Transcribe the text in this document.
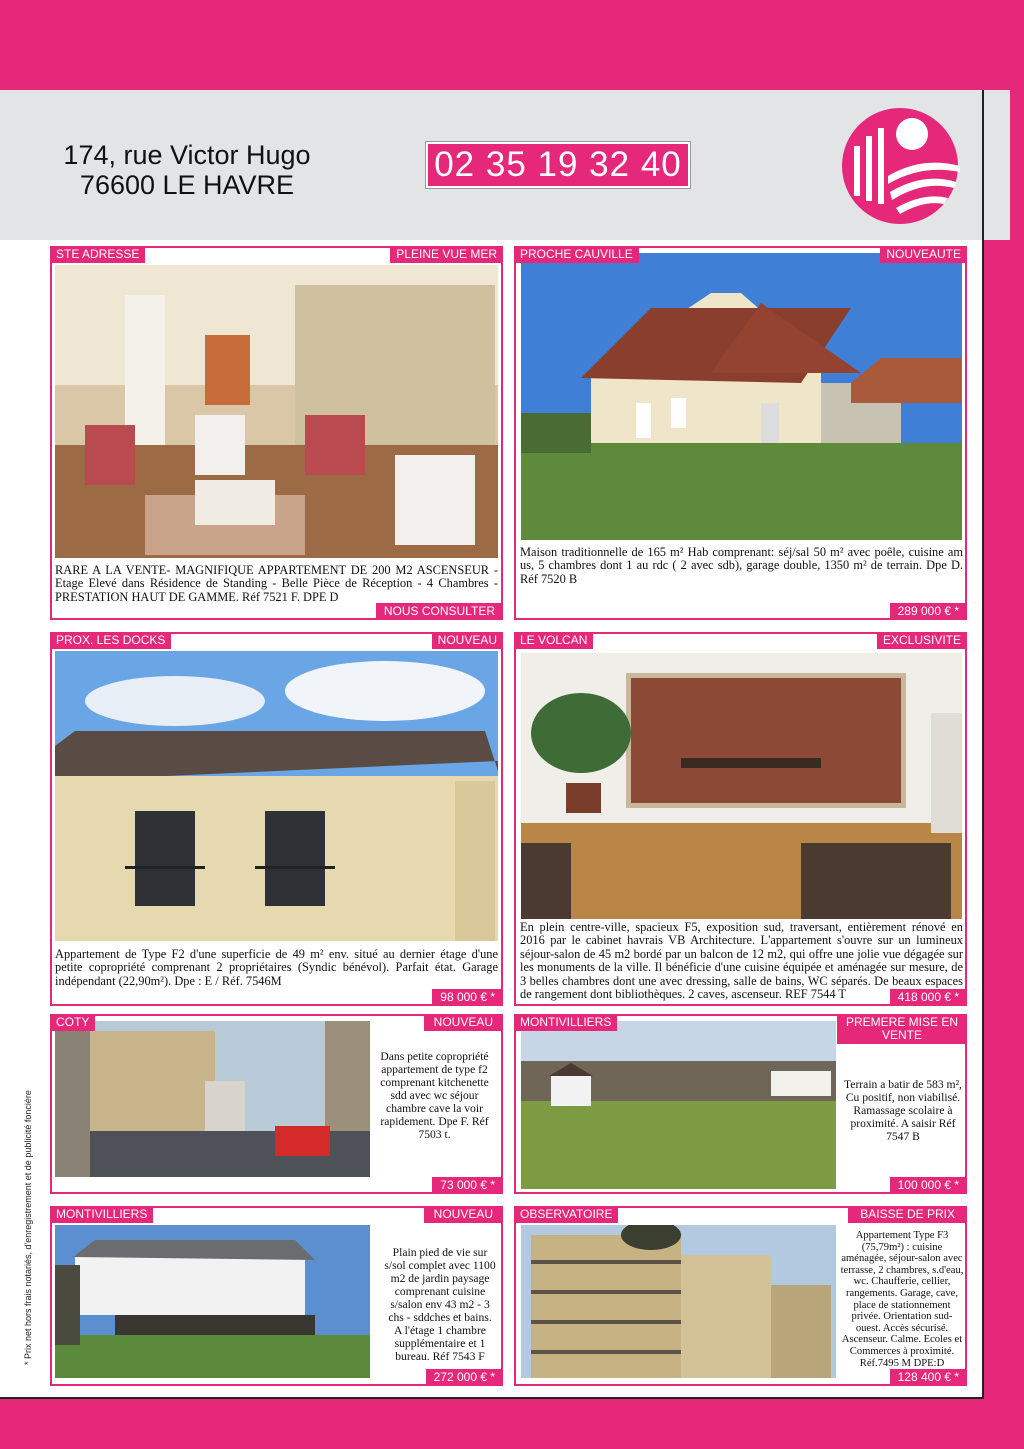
174, rue Victor Hugo
76600 LE HAVRE
02 35 19 32 40
STE ADRESSE	PLEINE VUE MER
RARE A LA VENTE- MAGNIFIQUE APPARTEMENT DE 200 M2 ASCENSEUR - Etage Elevé dans Résidence de Standing - Belle Pièce de Réception - 4 Chambres - PRESTATION HAUT DE GAMME. Réf 7521 F. DPE D
NOUS CONSULTER
Maison traditionnelle de 165 m² Hab comprenant: séj/sal 50 m² avec poêle, cuisine am us, 5 chambres dont 1 au rdc ( 2 avec sdb), garage double, 1350 m² de terrain. Dpe D. Réf 7520 B
PROCHE CAUVILLE	NOUVEAUTE
289 000 € *
PROX. LES DOCKS	NOUVEAU
Appartement de Type F2 d'une superficie de 49 m² env. situé au dernier étage d'une petite copropriété comprenant 2 propriétaires (Syndic bénévol). Parfait état. Garage indépendant (22,90m²). Dpe : E / Réf. 7546M
98 000 € *
En plein centre-ville, spacieux F5, exposition sud, traversant, entièrement rénové en 2016 par le cabinet havrais VB Architecture. L'appartement s'ouvre sur un lumineux séjour-salon de 45 m2 bordé par un balcon de 12 m2, qui offre une jolie vue dégagée sur les monuments de la ville. Il bénéficie d'une cuisine équipée et aménagée sur mesure, de 3 belles chambres dont une avec dressing, salle de bains, WC séparés. De beaux espaces de rangement dont bibliothèques. 2 caves, ascenseur. REF 7544 T
LE VOLCAN	EXCLUSIVITE
418 000 € *
Dans petite copropriété appartement de type f2 comprenant kitchenette sdd avec wc séjour chambre cave la voir rapidement. Dpe F. Réf 7503 t.
COTY	NOUVEAU
73 000 € *
MONTIVILLIERS	PREMERE MISE EN VENTE
Terrain a batir de 583 m², Cu positif, non viabilisé. Ramassage scolaire à proximité. A saisir Réf 7547 B
100 000 € *
MONTIVILLIERS	NOUVEAU
Plain pied de vie sur s/sol complet avec 1100 m2 de jardin paysage comprenant cuisine s/salon env 43 m2 - 3 chs - sddches et bains. A l'étage 1 chambre supplémentaire et 1 bureau. Réf 7543 F
272 000 € *
OBSERVATOIRE	BAISSE DE PRIX
Appartement Type F3 (75,79m²) : cuisine aménagée, séjour-salon avec terrasse, 2 chambres, s.d'eau, wc. Chaufferie, cellier, rangements. Garage, cave, place de stationnement privée. Orientation sud-ouest. Accès sécurisé. Ascenseur. Calme. Ecoles et Commerces à proximité. Réf.7495 M DPE:D
128 400 € *
* Prix net hors frais notariés, d'enregistrement et de publicité foncière
